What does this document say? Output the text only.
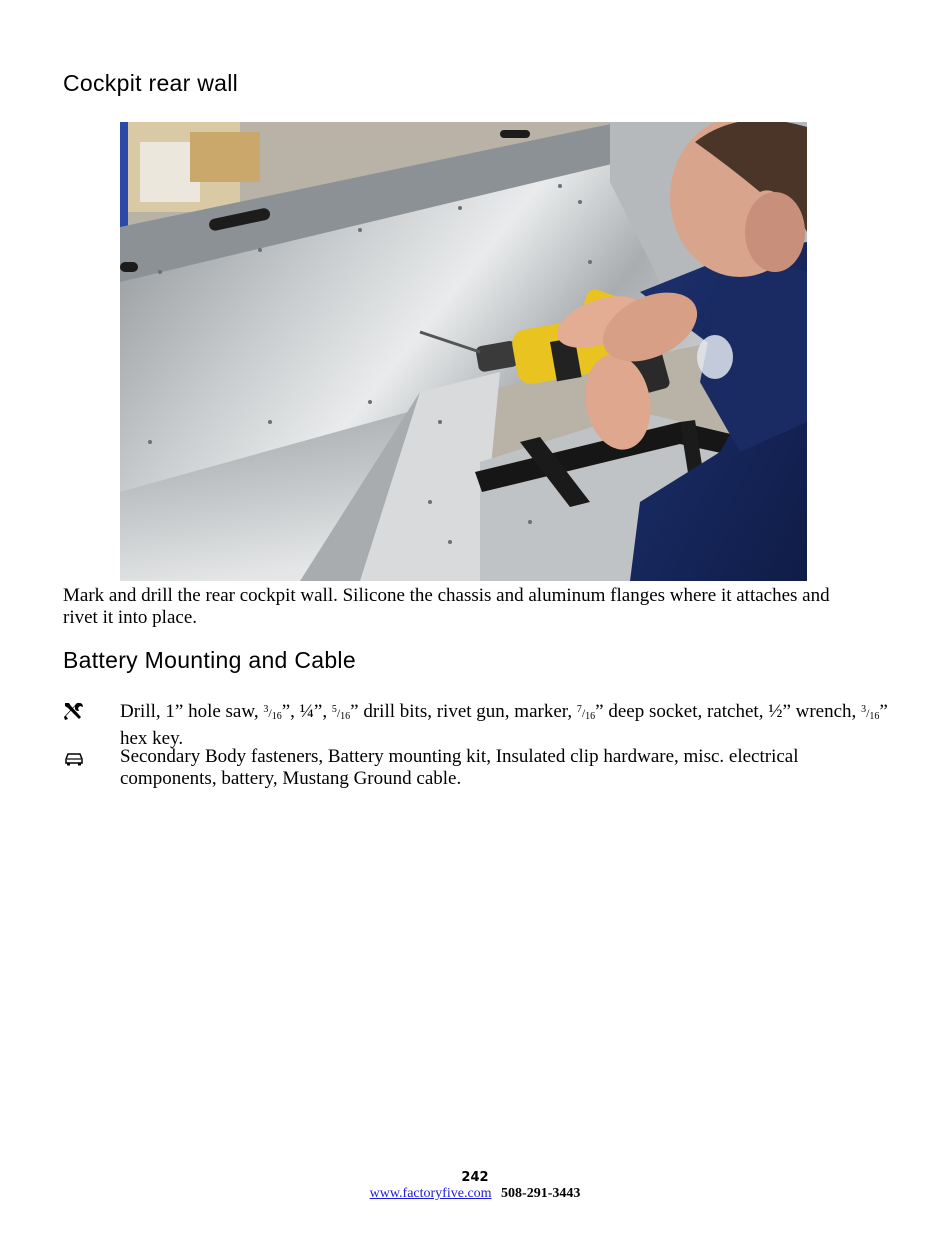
Cockpit rear wall

Mark and drill the rear cockpit wall. Silicone the chassis and aluminum flanges where it attaches and rivet it into place.

Battery Mounting and Cable
Drill, 1” hole saw, $^3/_{16}$”, ¼”, $^5/_{16}$” drill bits, rivet gun, marker, $^7/_{16}$” deep socket, ratchet, ½” wrench, $^3/_{16}$” hex key.
Secondary Body fasteners, Battery mounting kit, Insulated clip hardware, misc. electrical components, battery, Mustang Ground cable.
242
www.factoryfive.com 508-291-3443
